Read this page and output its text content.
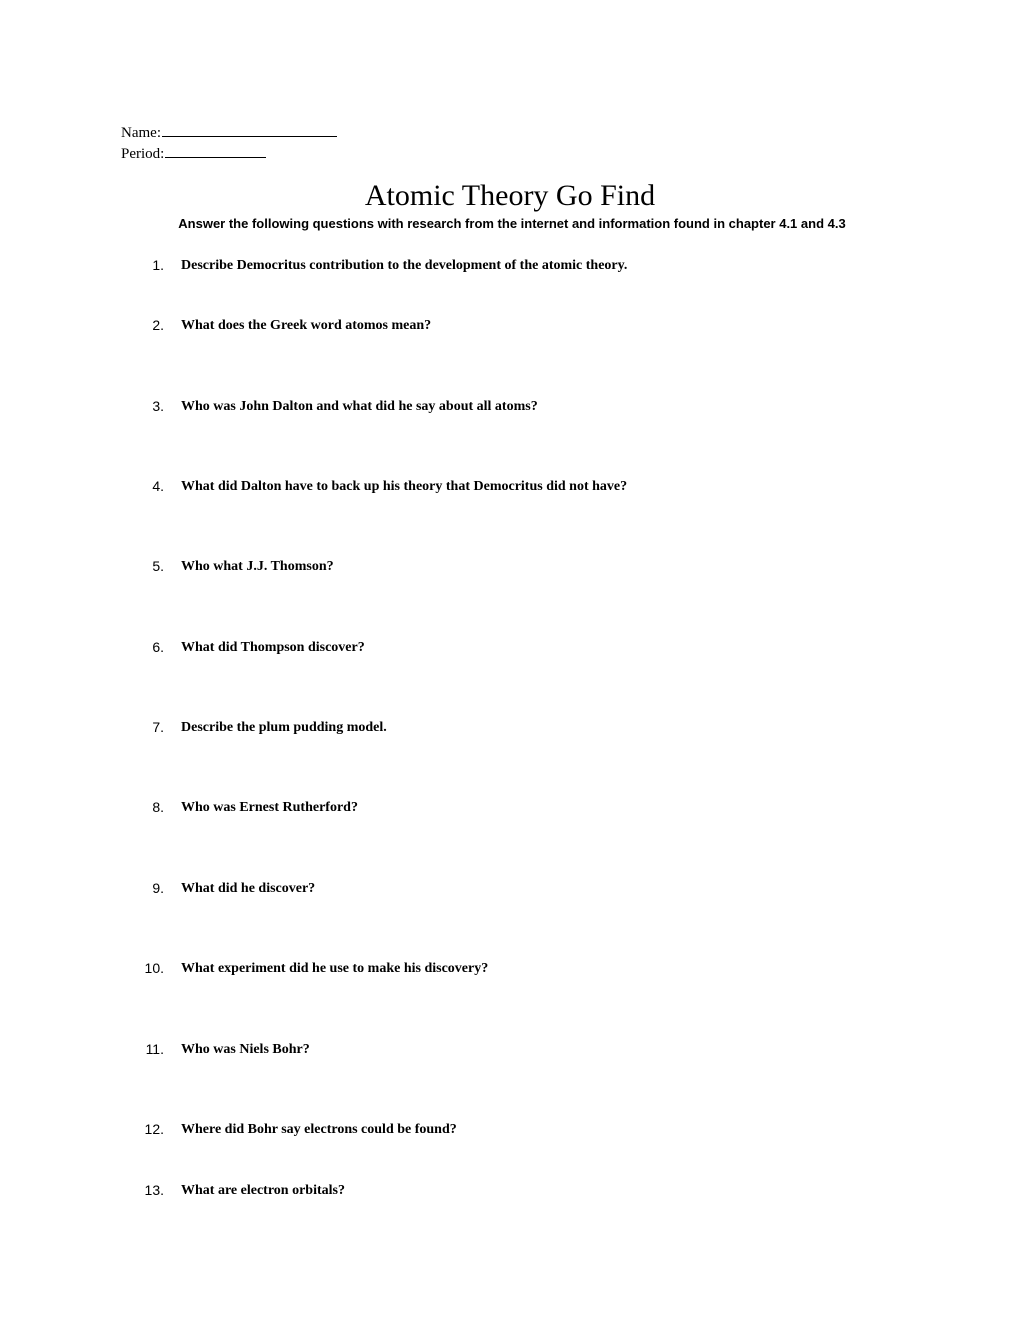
Name:
Period:
Atomic Theory Go Find

Answer the following questions with research from the internet and information found in chapter 4.1 and 4.3

1. Describe Democritus contribution to the development of the atomic theory.
2. What does the Greek word atomos mean?
3. Who was John Dalton and what did he say about all atoms?
4. What did Dalton have to back up his theory that Democritus did not have?
5. Who what J.J. Thomson?
6. What did Thompson discover?
7. Describe the plum pudding model.
8. Who was Ernest Rutherford?
9. What did he discover?
10. What experiment did he use to make his discovery?
11. Who was Niels Bohr?
12. Where did Bohr say electrons could be found?
13. What are electron orbitals?
